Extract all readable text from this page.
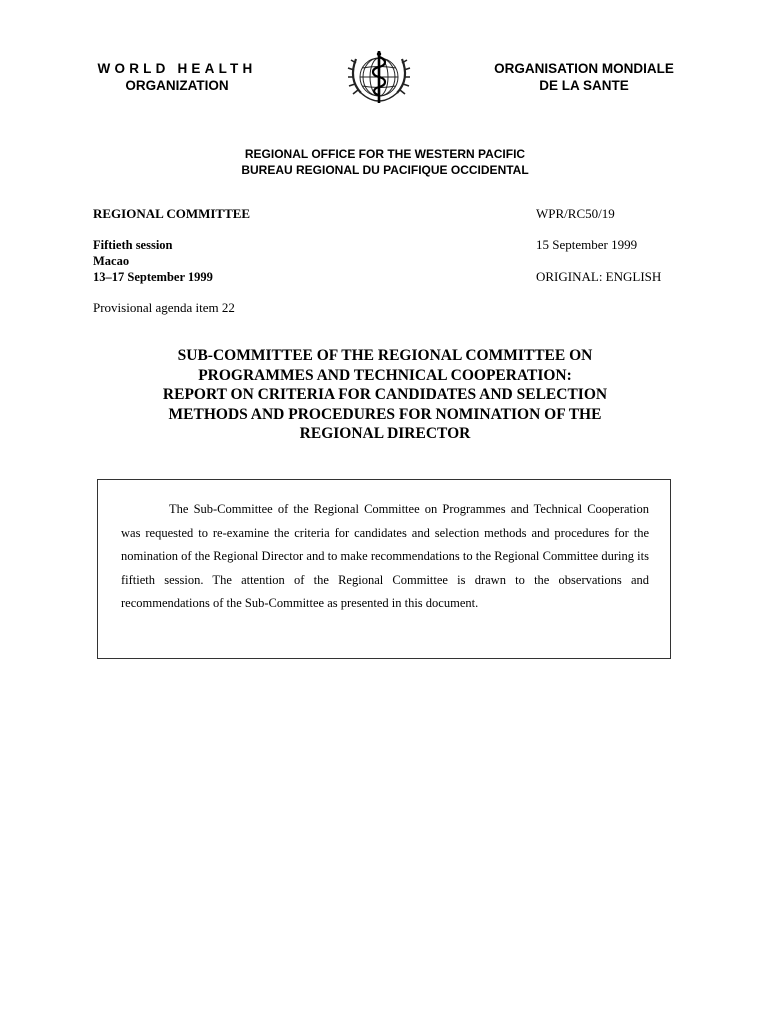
WORLD HEALTH
ORGANIZATION
ORGANISATION MONDIALE
DE LA SANTE
REGIONAL OFFICE FOR THE WESTERN PACIFIC
BUREAU REGIONAL DU PACIFIQUE OCCIDENTAL
REGIONAL COMMITTEE
Fiftieth session
Macao
13–17 September 1999
Provisional agenda item 22
WPR/RC50/19
15 September 1999
ORIGINAL: ENGLISH
SUB-COMMITTEE OF THE REGIONAL COMMITTEE ON
PROGRAMMES AND TECHNICAL COOPERATION:
REPORT ON CRITERIA FOR CANDIDATES AND SELECTION
METHODS AND PROCEDURES FOR NOMINATION OF THE
REGIONAL DIRECTOR

The Sub-Committee of the Regional Committee on Programmes and Technical Cooperation was requested to re-examine the criteria for candidates and selection methods and procedures for the nomination of the Regional Director and to make recommendations to the Regional Committee during its fiftieth session. The attention of the Regional Committee is drawn to the observations and recommendations of the Sub-Committee as presented in this document.
